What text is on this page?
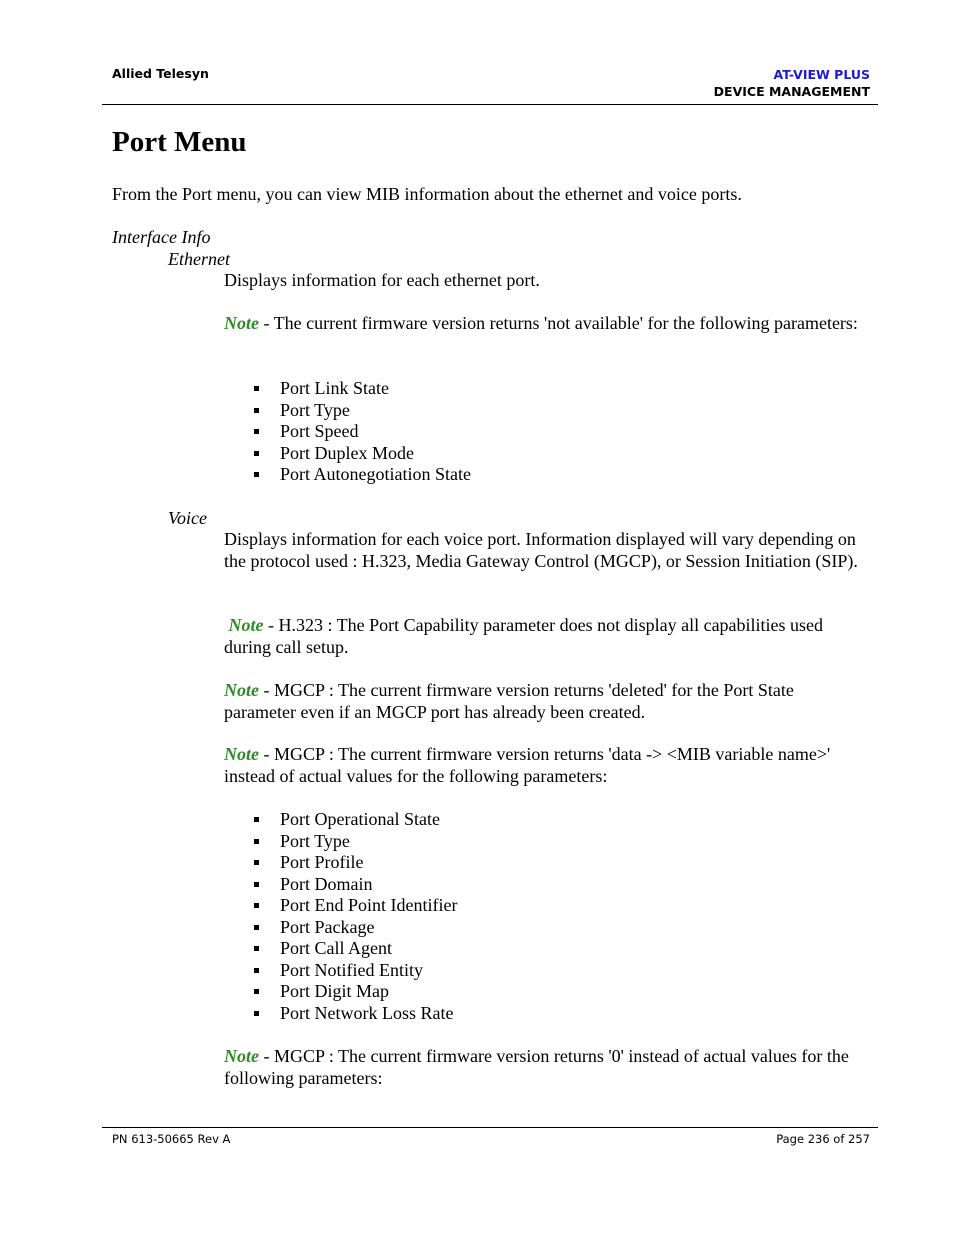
Allied Telesyn	AT-VIEW PLUS
DEVICE MANAGEMENT
Port Menu

From the Port menu, you can view MIB information about the ethernet and voice ports.

Interface Info

Ethernet

Displays information for each ethernet port.

Note - The current firmware version returns 'not available' for the following parameters:

Port Link State
Port Type
Port Speed
Port Duplex Mode
Port Autonegotiation State

Voice

Displays information for each voice port. Information displayed will vary depending on the protocol used : H.323, Media Gateway Control (MGCP), or Session Initiation (SIP).

Note - H.323 : The Port Capability parameter does not display all capabilities used during call setup.

Note - MGCP : The current firmware version returns 'deleted' for the Port State parameter even if an MGCP port has already been created.

Note - MGCP : The current firmware version returns 'data -> <MIB variable name>' instead of actual values for the following parameters:

Port Operational State
Port Type
Port Profile
Port Domain
Port End Point Identifier
Port Package
Port Call Agent
Port Notified Entity
Port Digit Map
Port Network Loss Rate

Note - MGCP : The current firmware version returns '0' instead of actual values for the following parameters:

PN 613-50665 Rev A	Page 236 of 257
